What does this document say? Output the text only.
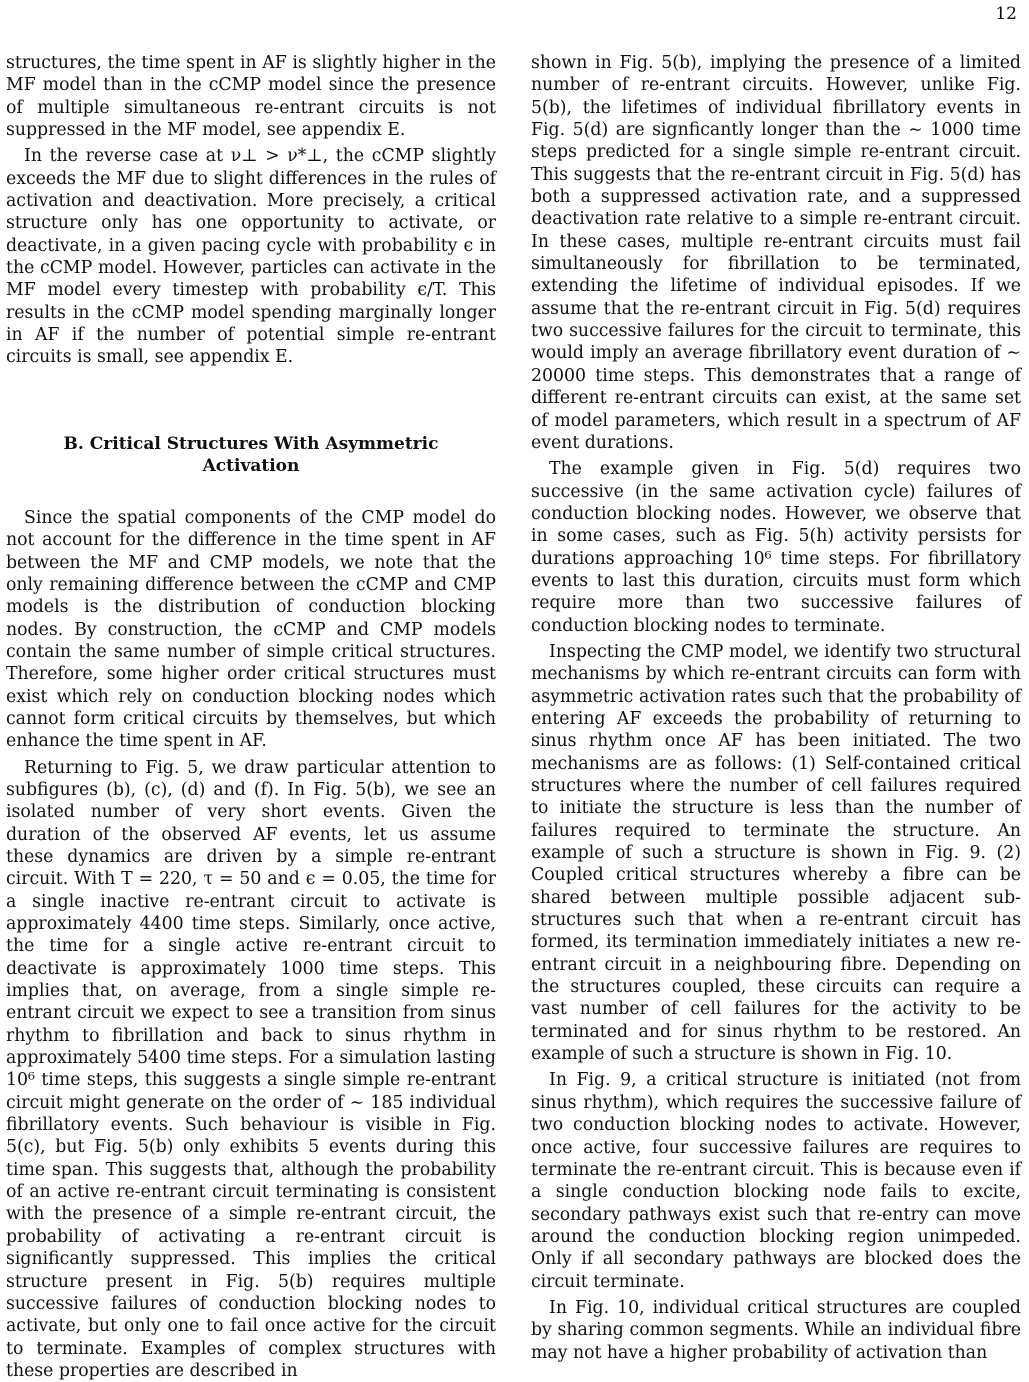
12

structures, the time spent in AF is slightly higher in the MF model than in the cCMP model since the presence of multiple simultaneous re-entrant circuits is not suppressed in the MF model, see appendix E.

In the reverse case at ν⊥ > ν*⊥, the cCMP slightly exceeds the MF due to slight differences in the rules of activation and deactivation. More precisely, a critical structure only has one opportunity to activate, or deactivate, in a given pacing cycle with probability ϵ in the cCMP model. However, particles can activate in the MF model every timestep with probability ϵ/T. This results in the cCMP model spending marginally longer in AF if the number of potential simple re-entrant circuits is small, see appendix E.

B. Critical Structures With Asymmetric Activation

Since the spatial components of the CMP model do not account for the difference in the time spent in AF between the MF and CMP models, we note that the only remaining difference between the cCMP and CMP models is the distribution of conduction blocking nodes. By construction, the cCMP and CMP models contain the same number of simple critical structures. Therefore, some higher order critical structures must exist which rely on conduction blocking nodes which cannot form critical circuits by themselves, but which enhance the time spent in AF.

Returning to Fig. 5, we draw particular attention to subfigures (b), (c), (d) and (f). In Fig. 5(b), we see an isolated number of very short events. Given the duration of the observed AF events, let us assume these dynamics are driven by a simple re-entrant circuit. With T = 220, τ = 50 and ϵ = 0.05, the time for a single inactive re-entrant circuit to activate is approximately 4400 time steps. Similarly, once active, the time for a single active re-entrant circuit to deactivate is approximately 1000 time steps. This implies that, on average, from a single simple re-entrant circuit we expect to see a transition from sinus rhythm to fibrillation and back to sinus rhythm in approximately 5400 time steps. For a simulation lasting 10⁶ time steps, this suggests a single simple re-entrant circuit might generate on the order of ∼ 185 individual fibrillatory events. Such behaviour is visible in Fig. 5(c), but Fig. 5(b) only exhibits 5 events during this time span. This suggests that, although the probability of an active re-entrant circuit terminating is consistent with the presence of a simple re-entrant circuit, the probability of activating a re-entrant circuit is significantly suppressed. This implies the critical structure present in Fig. 5(b) requires multiple successive failures of conduction blocking nodes to activate, but only one to fail once active for the circuit to terminate. Examples of complex structures with these properties are described in

shown in Fig. 5(b), implying the presence of a limited number of re-entrant circuits. However, unlike Fig. 5(b), the lifetimes of individual fibrillatory events in Fig. 5(d) are signficantly longer than the ∼ 1000 time steps predicted for a single simple re-entrant circuit. This suggests that the re-entrant circuit in Fig. 5(d) has both a suppressed activation rate, and a suppressed deactivation rate relative to a simple re-entrant circuit. In these cases, multiple re-entrant circuits must fail simultaneously for fibrillation to be terminated, extending the lifetime of individual episodes. If we assume that the re-entrant circuit in Fig. 5(d) requires two successive failures for the circuit to terminate, this would imply an average fibrillatory event duration of ∼ 20000 time steps. This demonstrates that a range of different re-entrant circuits can exist, at the same set of model parameters, which result in a spectrum of AF event durations.

The example given in Fig. 5(d) requires two successive (in the same activation cycle) failures of conduction blocking nodes. However, we observe that in some cases, such as Fig. 5(h) activity persists for durations approaching 10⁶ time steps. For fibrillatory events to last this duration, circuits must form which require more than two successive failures of conduction blocking nodes to terminate.

Inspecting the CMP model, we identify two structural mechanisms by which re-entrant circuits can form with asymmetric activation rates such that the probability of entering AF exceeds the probability of returning to sinus rhythm once AF has been initiated. The two mechanisms are as follows: (1) Self-contained critical structures where the number of cell failures required to initiate the structure is less than the number of failures required to terminate the structure. An example of such a structure is shown in Fig. 9. (2) Coupled critical structures whereby a fibre can be shared between multiple possible adjacent sub-structures such that when a re-entrant circuit has formed, its termination immediately initiates a new re-entrant circuit in a neighbouring fibre. Depending on the structures coupled, these circuits can require a vast number of cell failures for the activity to be terminated and for sinus rhythm to be restored. An example of such a structure is shown in Fig. 10.

In Fig. 9, a critical structure is initiated (not from sinus rhythm), which requires the successive failure of two conduction blocking nodes to activate. However, once active, four successive failures are requires to terminate the re-entrant circuit. This is because even if a single conduction blocking node fails to excite, secondary pathways exist such that re-entry can move around the conduction blocking region unimpeded. Only if all secondary pathways are blocked does the circuit terminate.

In Fig. 10, individual critical structures are coupled by sharing common segments. While an individual fibre may not have a higher probability of activation than
